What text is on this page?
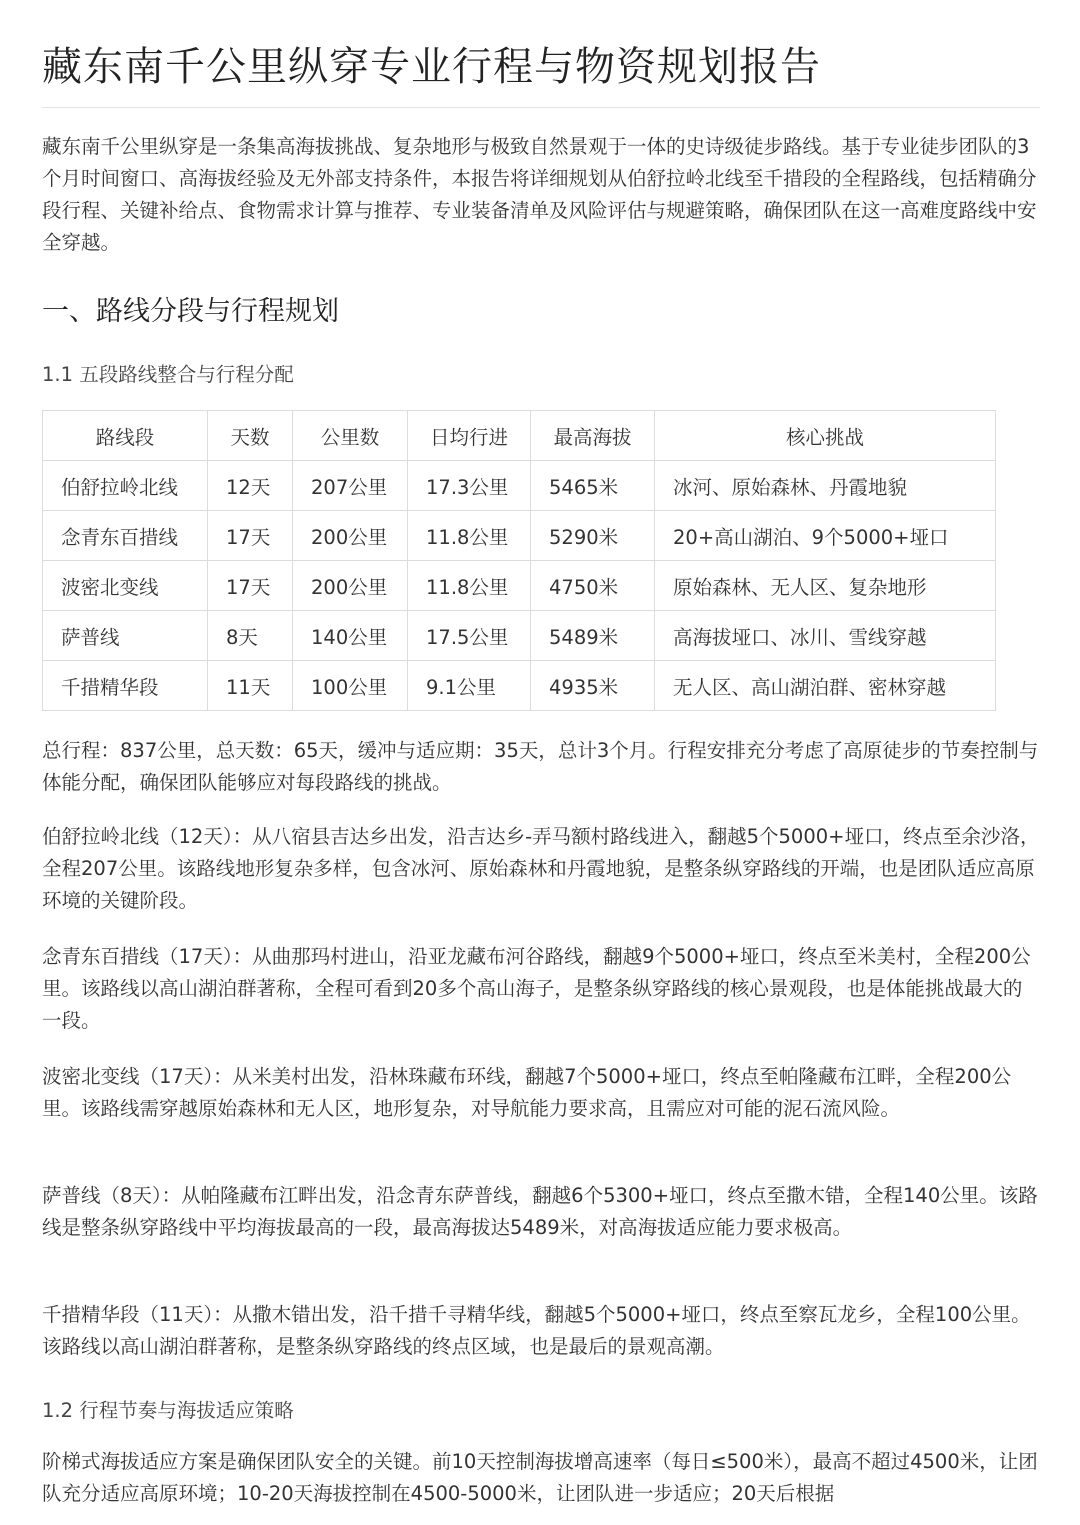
藏东南千公里纵穿专业行程与物资规划报告

藏东南千公里纵穿是一条集高海拔挑战、复杂地形与极致自然景观于一体的史诗级徒步路线。基于专业徒步团队的3个月时间窗口、高海拔经验及无外部支持条件，本报告将详细规划从伯舒拉岭北线至千措段的全程路线，包括精确分段行程、关键补给点、食物需求计算与推荐、专业装备清单及风险评估与规避策略，确保团队在这一高难度路线中安全穿越。

一、路线分段与行程规划
1.1 五段路线整合与行程分配
路线段	天数	公里数	日均行进	最高海拔	核心挑战
伯舒拉岭北线	12天	207公里	17.3公里	5465米	冰河、原始森林、丹霞地貌
念青东百措线	17天	200公里	11.8公里	5290米	20+高山湖泊、9个5000+垭口
波密北变线	17天	200公里	11.8公里	4750米	原始森林、无人区、复杂地形
萨普线	8天	140公里	17.5公里	5489米	高海拔垭口、冰川、雪线穿越
千措精华段	11天	100公里	9.1公里	4935米	无人区、高山湖泊群、密林穿越

总行程：837公里，总天数：65天，缓冲与适应期：35天，总计3个月。行程安排充分考虑了高原徒步的节奏控制与体能分配，确保团队能够应对每段路线的挑战。

伯舒拉岭北线（12天）：从八宿县吉达乡出发，沿吉达乡-弄马额村路线进入，翻越5个5000+垭口，终点至余沙洛，全程207公里。该路线地形复杂多样，包含冰河、原始森林和丹霞地貌，是整条纵穿路线的开端，也是团队适应高原环境的关键阶段。

念青东百措线（17天）：从曲那玛村进山，沿亚龙藏布河谷路线，翻越9个5000+垭口，终点至米美村，全程200公里。该路线以高山湖泊群著称，全程可看到20多个高山海子，是整条纵穿路线的核心景观段，也是体能挑战最大的一段。

波密北变线（17天）：从米美村出发，沿林珠藏布环线，翻越7个5000+垭口，终点至帕隆藏布江畔，全程200公里。该路线需穿越原始森林和无人区，地形复杂，对导航能力要求高，且需应对可能的泥石流风险。

萨普线（8天）：从帕隆藏布江畔出发，沿念青东萨普线，翻越6个5300+垭口，终点至撒木错，全程140公里。该路线是整条纵穿路线中平均海拔最高的一段，最高海拔达5489米，对高海拔适应能力要求极高。

千措精华段（11天）：从撒木错出发，沿千措千寻精华线，翻越5个5000+垭口，终点至察瓦龙乡，全程100公里。该路线以高山湖泊群著称，是整条纵穿路线的终点区域，也是最后的景观高潮。

1.2 行程节奏与海拔适应策略

阶梯式海拔适应方案是确保团队安全的关键。前10天控制海拔增高速率（每日≤500米），最高不超过4500米，让团队充分适应高原环境；10-20天海拔控制在4500-5000米，让团队进一步适应；20天后根据
